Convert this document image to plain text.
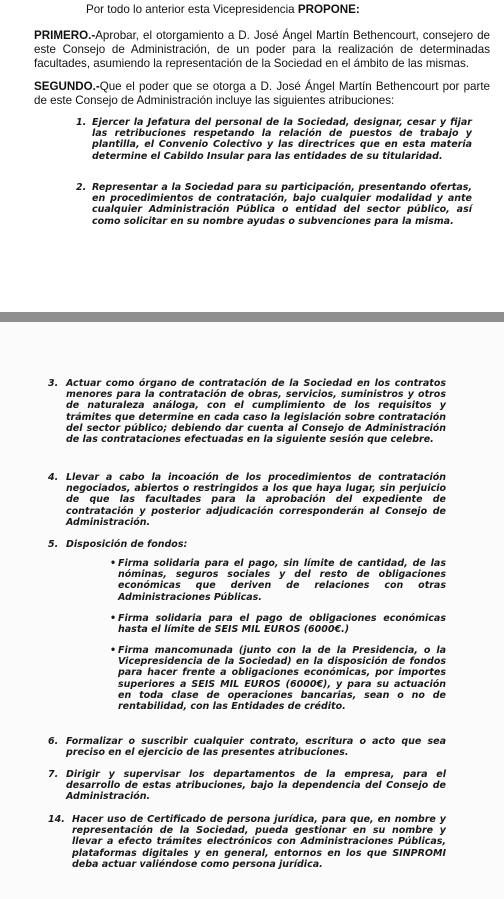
Por todo lo anterior esta Vicepresidencia PROPONE:
PRIMERO.-Aprobar, el otorgamiento a D. José Ángel Martín Bethencourt, consejero de este Consejo de Administración, de un poder para la realización de determinadas facultades, asumiendo la representación de la Sociedad en el ámbito de las mismas.
SEGUNDO.-Que el poder que se otorga a D. José Ángel Martín Bethencourt por parte de este Consejo de Administración incluye las siguientes atribuciones:
1. Ejercer la Jefatura del personal de la Sociedad, designar, cesar y fijar las retribuciones respetando la relación de puestos de trabajo y plantilla, el Convenio Colectivo y las directrices que en esta materia determine el Cabildo Insular para las entidades de su titularidad.
2. Representar a la Sociedad para su participación, presentando ofertas, en procedimientos de contratación, bajo cualquier modalidad y ante cualquier Administración Pública o entidad del sector público, así como solicitar en su nombre ayudas o subvenciones para la misma.
3. Actuar como órgano de contratación de la Sociedad en los contratos menores para la contratación de obras, servicios, suministros y otros de naturaleza análoga, con el cumplimiento de los requisitos y trámites que determine en cada caso la legislación sobre contratación del sector público; debiendo dar cuenta al Consejo de Administración de las contrataciones efectuadas en la siguiente sesión que celebre.
4. Llevar a cabo la incoación de los procedimientos de contratación negociados, abiertos o restringidos a los que haya lugar, sin perjuicio de que las facultades para la aprobación del expediente de contratación y posterior adjudicación corresponderán al Consejo de Administración.
5. Disposición de fondos:
• Firma solidaria para el pago, sin límite de cantidad, de las nóminas, seguros sociales y del resto de obligaciones económicas que deriven de relaciones con otras Administraciones Públicas.
• Firma solidaria para el pago de obligaciones económicas hasta el límite de SEIS MIL EUROS (6000€.)
• Firma mancomunada (junto con la de la Presidencia, o la Vicepresidencia de la Sociedad) en la disposición de fondos para hacer frente a obligaciones económicas, por importes superiores a SEIS MIL EUROS (6000€), y para su actuación en toda clase de operaciones bancarias, sean o no de rentabilidad, con las Entidades de crédito.
6. Formalizar o suscribir cualquier contrato, escritura o acto que sea preciso en el ejercicio de las presentes atribuciones.
7. Dirigir y supervisar los departamentos de la empresa, para el desarrollo de estas atribuciones, bajo la dependencia del Consejo de Administración.
14. Hacer uso de Certificado de persona jurídica, para que, en nombre y representación de la Sociedad, pueda gestionar en su nombre y llevar a efecto trámites electrónicos con Administraciones Públicas, plataformas digitales y en general, entornos en los que SINPROMI deba actuar valiéndose como persona jurídica.
